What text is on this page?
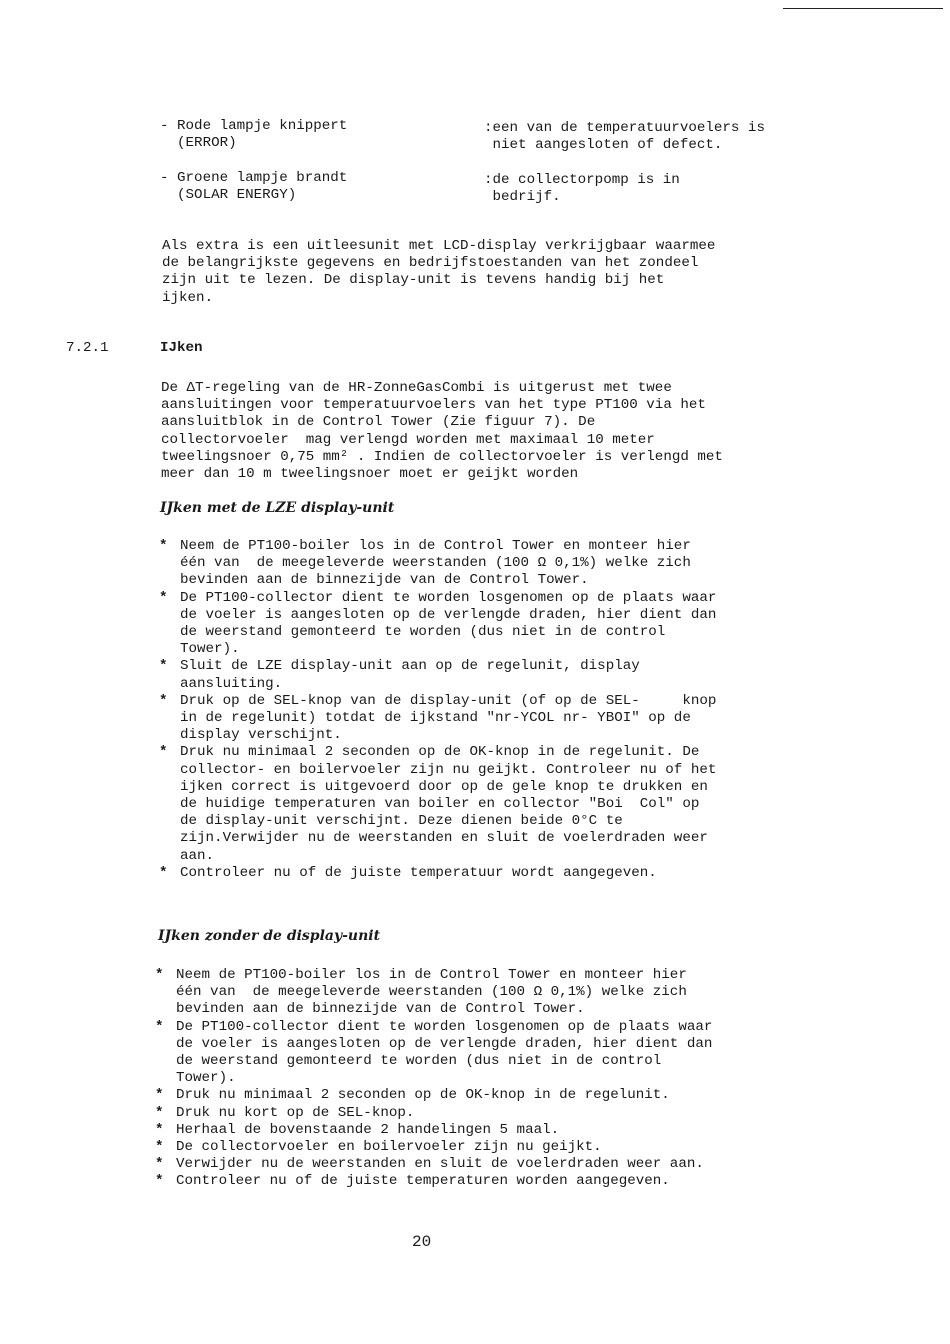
- Rode lampje knippert
(ERROR)
:een van de temperatuurvoelers is
niet aangesloten of defect.
- Groene lampje brandt
(SOLAR ENERGY)
:de collectorpomp is in
bedrijf.
Als extra is een uitleesunit met LCD-display verkrijgbaar waarmee
de belangrijkste gegevens en bedrijfstoestanden van het zondeel
zijn uit te lezen. De display-unit is tevens handig bij het
ijken.
7.2.1	IJken
De ΔT-regeling van de HR-ZonneGasCombi is uitgerust met twee
aansluitingen voor temperatuurvoelers van het type PT100 via het
aansluitblok in de Control Tower (Zie figuur 7). De
collectorvoeler  mag verlengd worden met maximaal 10 meter
tweelingsnoer 0,75 mm² . Indien de collectorvoeler is verlengd met
meer dan 10 m tweelingsnoer moet er geijkt worden
IJken met de LZE display-unit
* Neem de PT100-boiler los in de Control Tower en monteer hier
één van  de meegeleverde weerstanden (100 Ω 0,1%) welke zich
bevinden aan de binnezijde van de Control Tower.
* De PT100-collector dient te worden losgenomen op de plaats waar
de voeler is aangesloten op de verlengde draden, hier dient dan
de weerstand gemonteerd te worden (dus niet in de control
Tower).
* Sluit de LZE display-unit aan op de regelunit, display
aansluiting.
* Druk op de SEL-knop van de display-unit (of op de SEL-     knop
in de regelunit) totdat de ijkstand "nr-YCOL nr- YBOI" op de
display verschijnt.
* Druk nu minimaal 2 seconden op de OK-knop in de regelunit. De
collector- en boilervoeler zijn nu geijkt. Controleer nu of het
ijken correct is uitgevoerd door op de gele knop te drukken en
de huidige temperaturen van boiler en collector "Boi  Col" op
de display-unit verschijnt. Deze dienen beide 0°C te
zijn.Verwijder nu de weerstanden en sluit de voelerdraden weer
aan.
* Controleer nu of de juiste temperatuur wordt aangegeven.
IJken zonder de display-unit
* Neem de PT100-boiler los in de Control Tower en monteer hier
één van  de meegeleverde weerstanden (100 Ω 0,1%) welke zich
bevinden aan de binnezijde van de Control Tower.
* De PT100-collector dient te worden losgenomen op de plaats waar
de voeler is aangesloten op de verlengde draden, hier dient dan
de weerstand gemonteerd te worden (dus niet in de control
Tower).
* Druk nu minimaal 2 seconden op de OK-knop in de regelunit.
* Druk nu kort op de SEL-knop.
* Herhaal de bovenstaande 2 handelingen 5 maal.
* De collectorvoeler en boilervoeler zijn nu geijkt.
* Verwijder nu de weerstanden en sluit de voelerdraden weer aan.
* Controleer nu of de juiste temperaturen worden aangegeven.
20
